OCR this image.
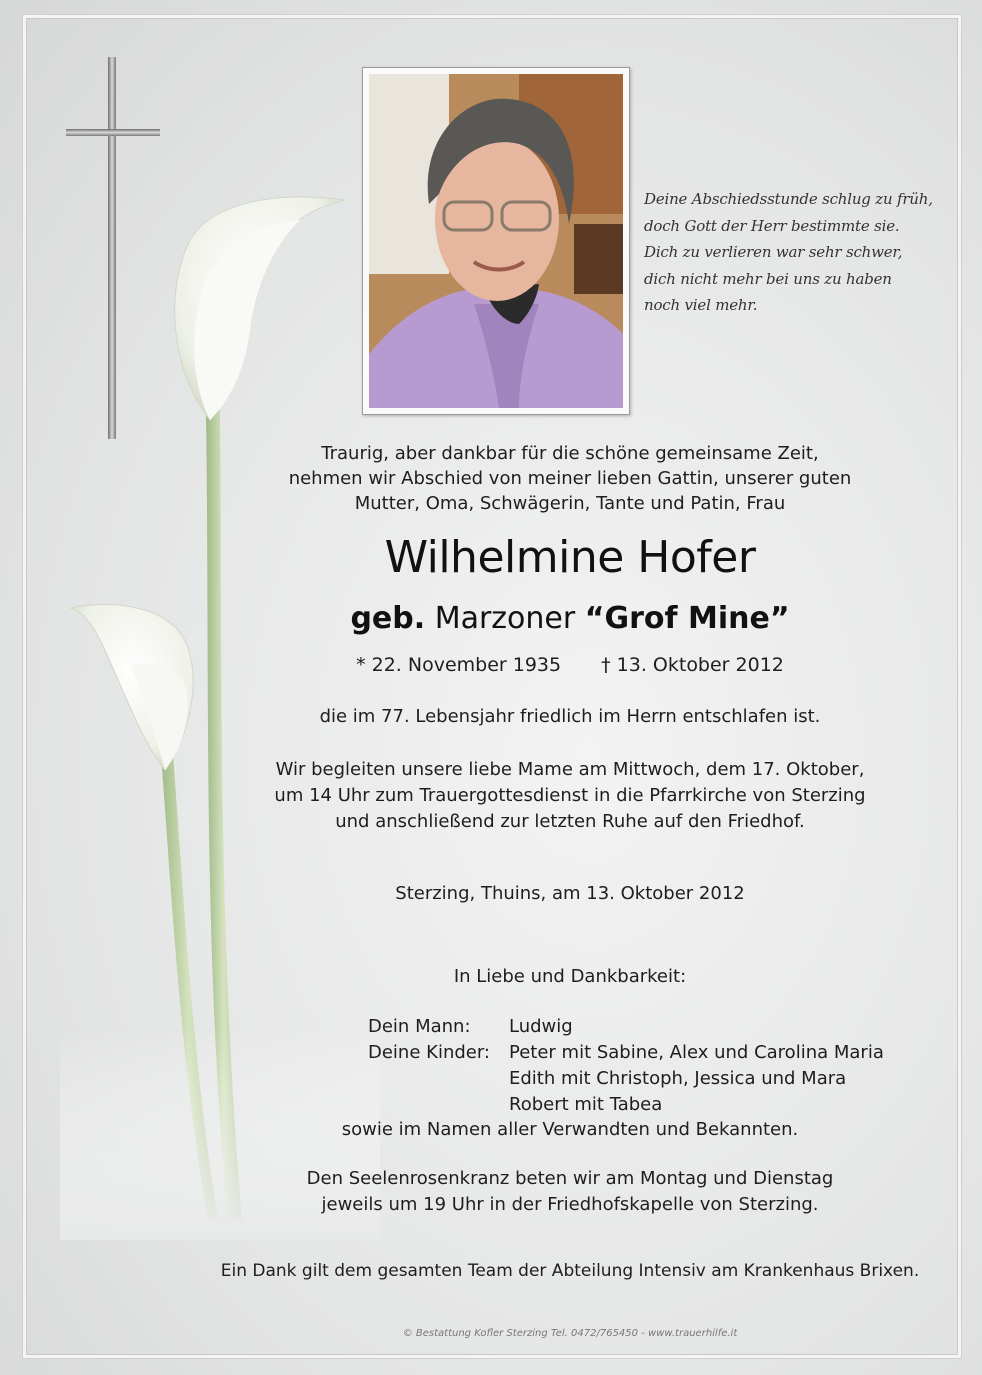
Deine Abschiedsstunde schlug zu früh,
doch Gott der Herr bestimmte sie.
Dich zu verlieren war sehr schwer,
dich nicht mehr bei uns zu haben
noch viel mehr.
Traurig, aber dankbar für die schöne gemeinsame Zeit,
nehmen wir Abschied von meiner lieben Gattin, unserer guten
Mutter, Oma, Schwägerin, Tante und Patin, Frau
Wilhelmine Hofer
geb. Marzoner “Grof Mine”
* 22. November 1935 † 13. Oktober 2012
die im 77. Lebensjahr friedlich im Herrn entschlafen ist.
Wir begleiten unsere liebe Mame am Mittwoch, dem 17. Oktober,
um 14 Uhr zum Trauergottesdienst in die Pfarrkirche von Sterzing
und anschließend zur letzten Ruhe auf den Friedhof.
Sterzing, Thuins, am 13. Oktober 2012
In Liebe und Dankbarkeit:
Dein Mann: Ludwig
Deine Kinder: Peter mit Sabine, Alex und Carolina Maria
Edith mit Christoph, Jessica und Mara
Robert mit Tabea
sowie im Namen aller Verwandten und Bekannten.
Den Seelenrosenkranz beten wir am Montag und Dienstag
jeweils um 19 Uhr in der Friedhofskapelle von Sterzing.
Ein Dank gilt dem gesamten Team der Abteilung Intensiv am Krankenhaus Brixen.
© Bestattung Kofler Sterzing Tel. 0472/765450 - www.trauerhilfe.it
